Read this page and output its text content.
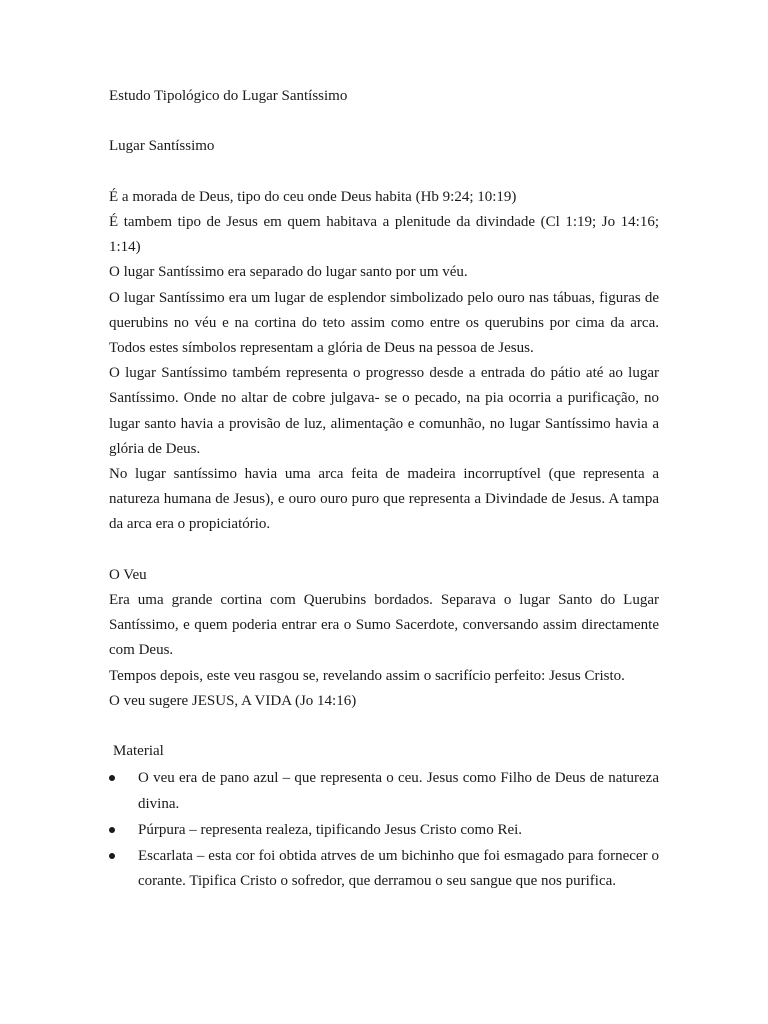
Estudo Tipológico do Lugar Santíssimo

Lugar Santíssimo

É a morada de Deus, tipo do ceu onde Deus habita (Hb 9:24; 10:19)

É tambem tipo de Jesus em quem habitava a plenitude da divindade (Cl 1:19; Jo 14:16; 1:14)

O lugar Santíssimo era separado do lugar santo por um véu.

O lugar Santíssimo era um lugar de esplendor simbolizado pelo ouro nas tábuas, figuras de querubins no véu e na cortina do teto assim como entre os querubins por cima da arca. Todos estes símbolos representam a glória de Deus na pessoa de Jesus.

O lugar Santíssimo também representa o progresso desde a entrada do pátio até ao lugar Santíssimo. Onde no altar de cobre julgava- se o pecado, na pia ocorria a purificação, no lugar santo havia a provisão de luz, alimentação e comunhão, no lugar Santíssimo havia a glória de Deus.

No lugar santíssimo havia uma arca feita de madeira incorruptível (que representa a natureza humana de Jesus), e ouro ouro puro que representa a Divindade de Jesus. A tampa da arca era o propiciatório.

O Veu

Era uma grande cortina com Querubins bordados. Separava o lugar Santo do Lugar Santíssimo, e quem poderia entrar era o Sumo Sacerdote, conversando assim directamente com Deus.

Tempos depois, este veu rasgou se, revelando assim o sacrifício perfeito: Jesus Cristo.

O veu sugere JESUS, A VIDA (Jo 14:16)

Material

O veu era de pano azul – que representa o ceu. Jesus como Filho de Deus de natureza divina.
Púrpura – representa realeza, tipificando Jesus Cristo como Rei.
Escarlata – esta cor foi obtida atrves de um bichinho que foi esmagado para fornecer o corante. Tipifica Cristo o sofredor, que derramou o seu sangue que nos purifica.
